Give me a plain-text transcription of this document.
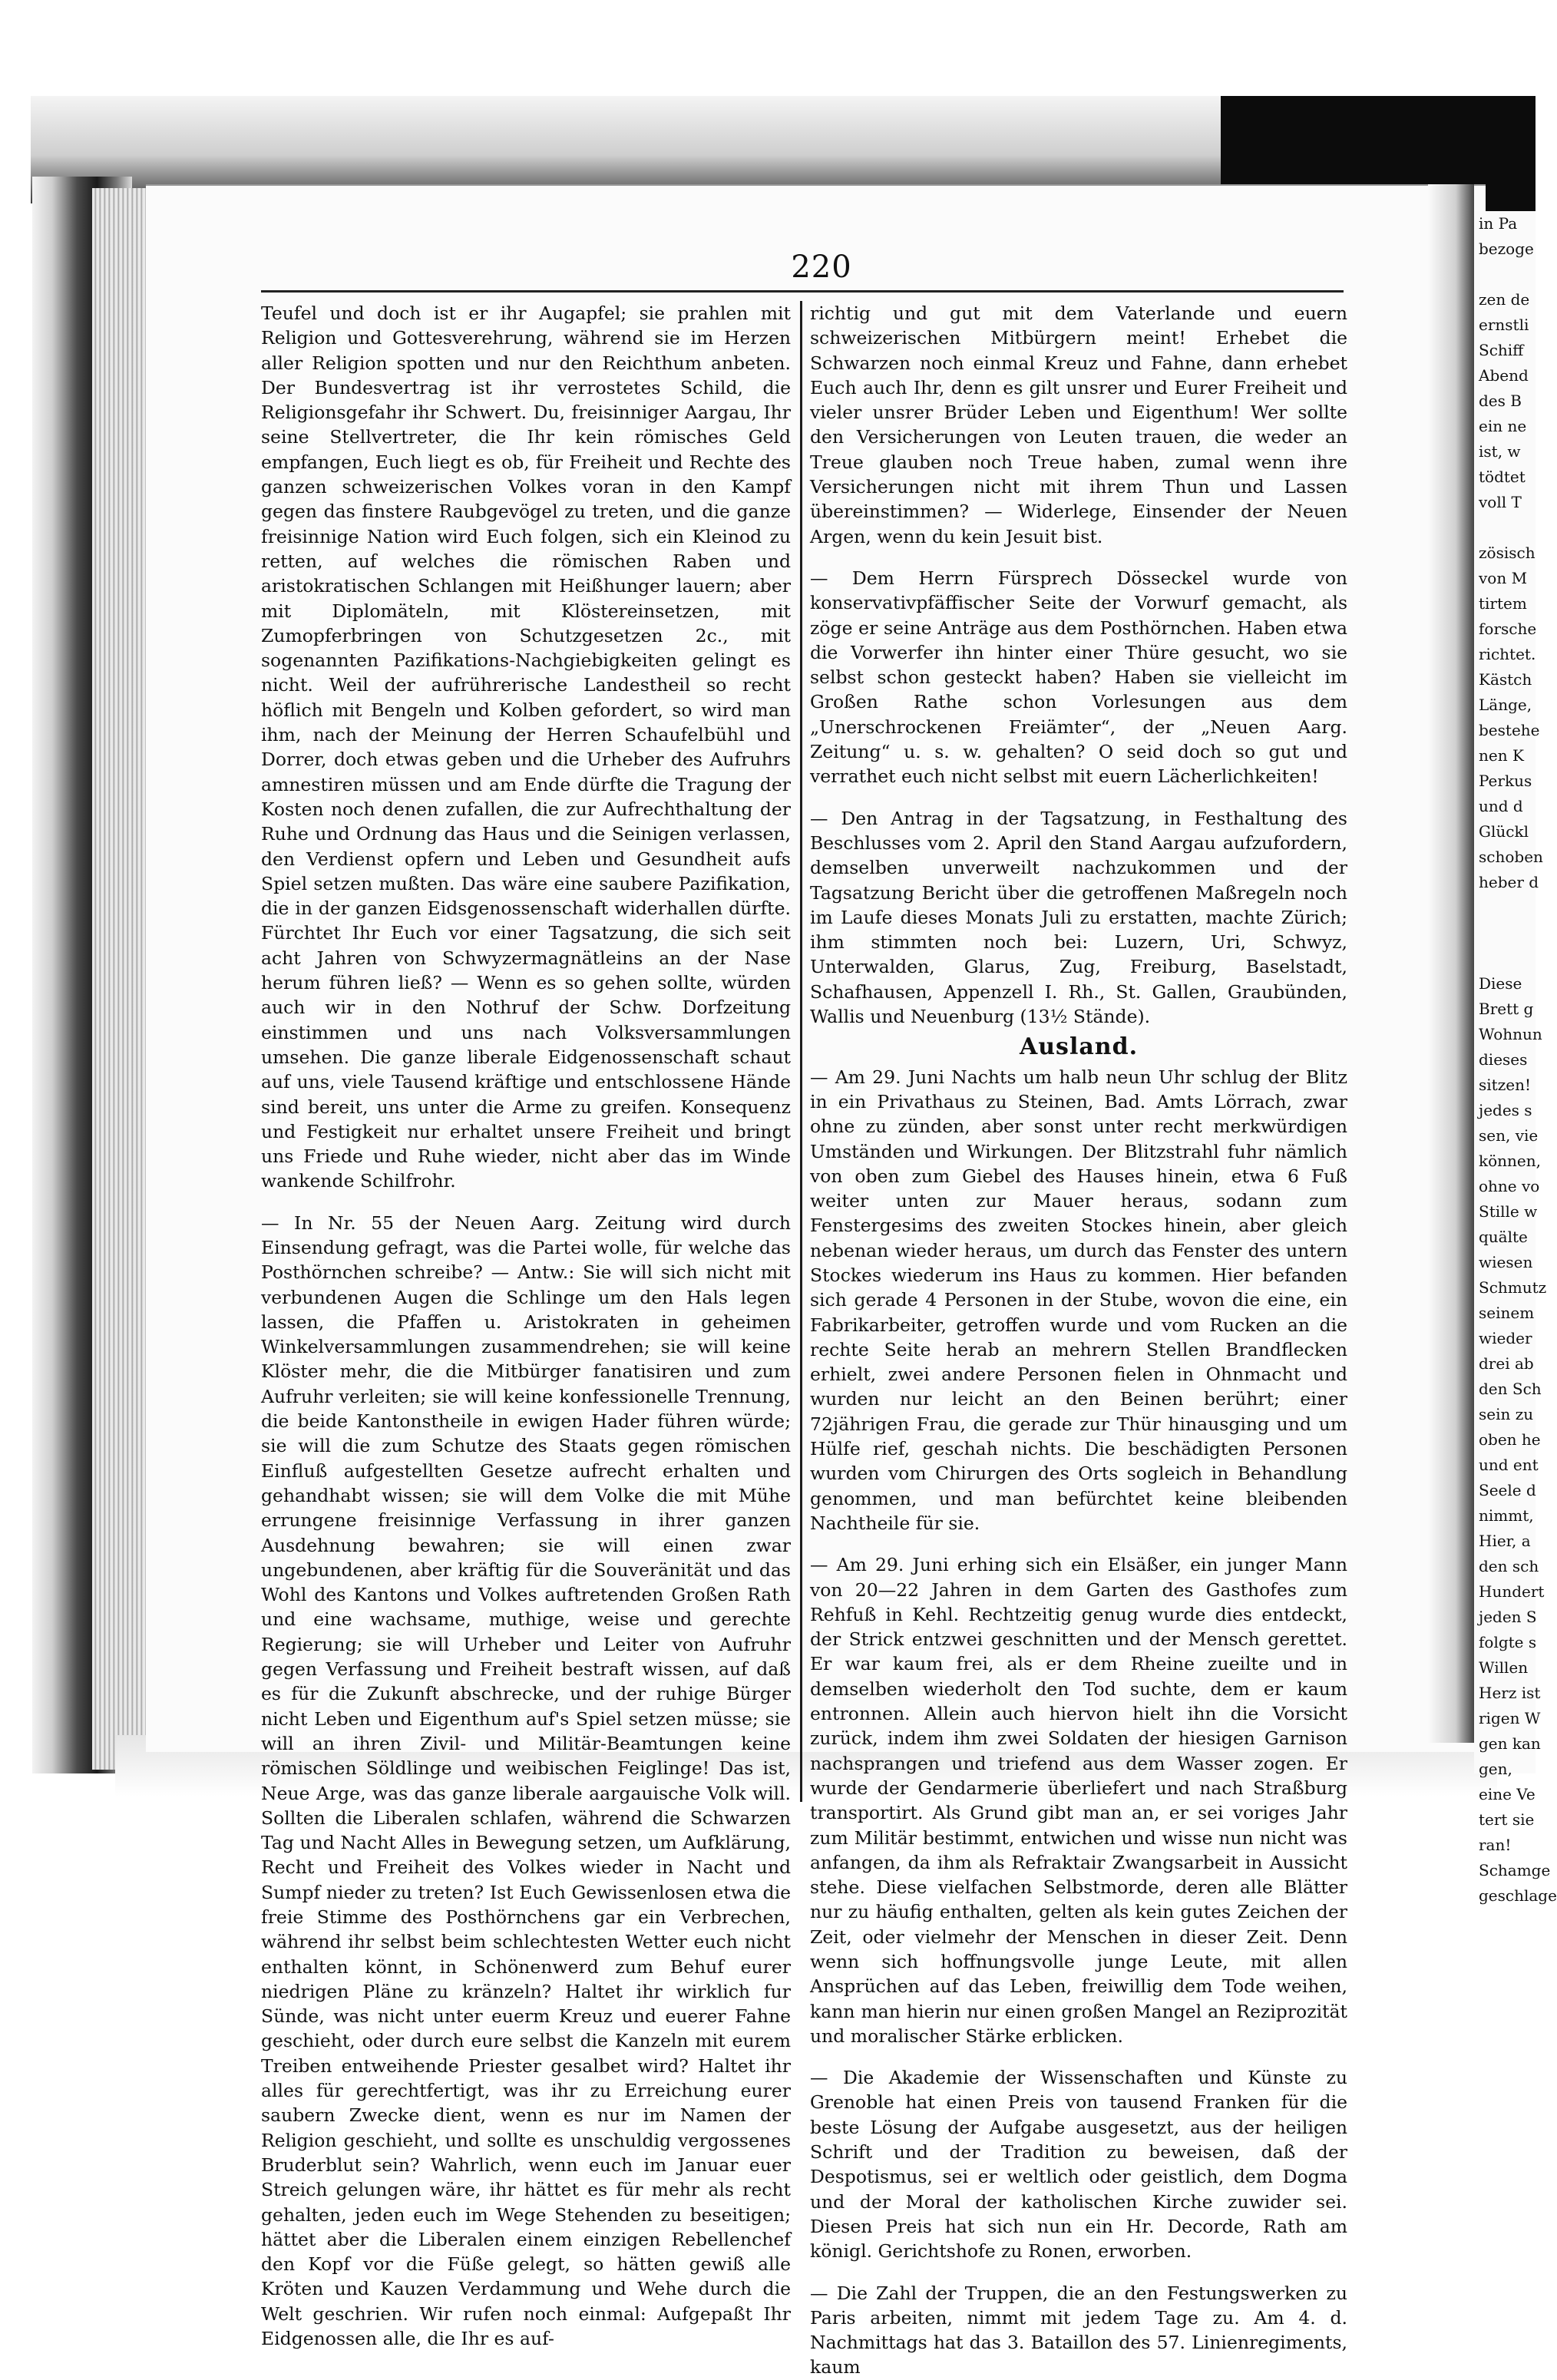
in Pa
bezoge

zen de
ernstli
Schiff
Abend
des B
ein ne
ist, w
tödtet
voll T

zösisch
von M
tirtem
forsche
richtet.
Kästch
Länge,
bestehe
nen K
Perkus
und d
Glückl
schoben
heber d

Diese
Brett g
Wohnun
dieses
sitzen!
jedes s
sen, vie
können,
ohne vo
Stille w
quälte
wiesen
Schmutz
seinem
wieder
drei ab
den Sch
sein zu
oben he
und ent
Seele d
nimmt,
Hier, a
den sch
Hundert
jeden S
folgte s
Willen
Herz ist
rigen W
gen kan
gen,
eine Ve
tert sie
ran!
Schamge
geschlage
220

Teufel und doch ist er ihr Augapfel; sie prahlen mit Religion und Gottesverehrung, während sie im Herzen aller Religion spotten und nur den Reichthum anbeten. Der Bundesvertrag ist ihr verrostetes Schild, die Religionsgefahr ihr Schwert. Du, freisinniger Aargau, Ihr seine Stellvertreter, die Ihr kein römisches Geld empfangen, Euch liegt es ob, für Freiheit und Rechte des ganzen schweizerischen Volkes voran in den Kampf gegen das finstere Raubgevögel zu treten, und die ganze freisinnige Nation wird Euch folgen, sich ein Kleinod zu retten, auf welches die römischen Raben und aristokratischen Schlangen mit Heißhunger lauern; aber mit Diplomäteln, mit Klöstereinsetzen, mit Zumopferbringen von Schutzgesetzen 2c., mit sogenannten Pazifikations-Nachgiebigkeiten gelingt es nicht. Weil der aufrührerische Landestheil so recht höflich mit Bengeln und Kolben gefordert, so wird man ihm, nach der Meinung der Herren Schaufelbühl und Dorrer, doch etwas geben und die Urheber des Aufruhrs amnestiren müssen und am Ende dürfte die Tragung der Kosten noch denen zufallen, die zur Aufrechthaltung der Ruhe und Ordnung das Haus und die Seinigen verlassen, den Verdienst opfern und Leben und Gesundheit aufs Spiel setzen mußten. Das wäre eine saubere Pazifikation, die in der ganzen Eidsgenossenschaft widerhallen dürfte. Fürchtet Ihr Euch vor einer Tagsatzung, die sich seit acht Jahren von Schwyzermagnätleins an der Nase herum führen ließ? — Wenn es so gehen sollte, würden auch wir in den Nothruf der Schw. Dorfzeitung einstimmen und uns nach Volksversammlungen umsehen. Die ganze liberale Eidgenossenschaft schaut auf uns, viele Tausend kräftige und entschlossene Hände sind bereit, uns unter die Arme zu greifen. Konsequenz und Festigkeit nur erhaltet unsere Freiheit und bringt uns Friede und Ruhe wieder, nicht aber das im Winde wankende Schilfrohr.

— In Nr. 55 der Neuen Aarg. Zeitung wird durch Einsendung gefragt, was die Partei wolle, für welche das Posthörnchen schreibe? — Antw.: Sie will sich nicht mit verbundenen Augen die Schlinge um den Hals legen lassen, die Pfaffen u. Aristokraten in geheimen Winkelversammlungen zusammendrehen; sie will keine Klöster mehr, die die Mitbürger fanatisiren und zum Aufruhr verleiten; sie will keine konfessionelle Trennung, die beide Kantonstheile in ewigen Hader führen würde; sie will die zum Schutze des Staats gegen römischen Einfluß aufgestellten Gesetze aufrecht erhalten und gehandhabt wissen; sie will dem Volke die mit Mühe errungene freisinnige Verfassung in ihrer ganzen Ausdehnung bewahren; sie will einen zwar ungebundenen, aber kräftig für die Souveränität und das Wohl des Kantons und Volkes auftretenden Großen Rath und eine wachsame, muthige, weise und gerechte Regierung; sie will Urheber und Leiter von Aufruhr gegen Verfassung und Freiheit bestraft wissen, auf daß es für die Zukunft abschrecke, und der ruhige Bürger nicht Leben und Eigenthum auf's Spiel setzen müsse; sie will an ihren Zivil- und Militär-Beamtungen keine römischen Söldlinge und weibischen Feiglinge! Das ist, Neue Arge, was das ganze liberale aargauische Volk will. Sollten die Liberalen schlafen, während die Schwarzen Tag und Nacht Alles in Bewegung setzen, um Aufklärung, Recht und Freiheit des Volkes wieder in Nacht und Sumpf nieder zu treten? Ist Euch Gewissenlosen etwa die freie Stimme des Posthörnchens gar ein Verbrechen, während ihr selbst beim schlechtesten Wetter euch nicht enthalten könnt, in Schönenwerd zum Behuf eurer niedrigen Pläne zu kränzeln? Haltet ihr wirklich fur Sünde, was nicht unter euerm Kreuz und euerer Fahne geschieht, oder durch eure selbst die Kanzeln mit eurem Treiben entweihende Priester gesalbet wird? Haltet ihr alles für gerechtfertigt, was ihr zu Erreichung eurer saubern Zwecke dient, wenn es nur im Namen der Religion geschieht, und sollte es unschuldig vergossenes Bruderblut sein? Wahrlich, wenn euch im Januar euer Streich gelungen wäre, ihr hättet es für mehr als recht gehalten, jeden euch im Wege Stehenden zu beseitigen; hättet aber die Liberalen einem einzigen Rebellenchef den Kopf vor die Füße gelegt, so hätten gewiß alle Kröten und Kauzen Verdammung und Wehe durch die Welt geschrien. Wir rufen noch einmal: Aufgepaßt Ihr Eidgenossen alle, die Ihr es auf-

richtig und gut mit dem Vaterlande und euern schweizerischen Mitbürgern meint! Erhebet die Schwarzen noch einmal Kreuz und Fahne, dann erhebet Euch auch Ihr, denn es gilt unsrer und Eurer Freiheit und vieler unsrer Brüder Leben und Eigenthum! Wer sollte den Versicherungen von Leuten trauen, die weder an Treue glauben noch Treue haben, zumal wenn ihre Versicherungen nicht mit ihrem Thun und Lassen übereinstimmen? — Widerlege, Einsender der Neuen Argen, wenn du kein Jesuit bist.

— Dem Herrn Fürsprech Dösseckel wurde von konservativpfäffischer Seite der Vorwurf gemacht, als zöge er seine Anträge aus dem Posthörnchen. Haben etwa die Vorwerfer ihn hinter einer Thüre gesucht, wo sie selbst schon gesteckt haben? Haben sie vielleicht im Großen Rathe schon Vorlesungen aus dem „Unerschrockenen Freiämter“, der „Neuen Aarg. Zeitung“ u. s. w. gehalten? O seid doch so gut und verrathet euch nicht selbst mit euern Lächerlichkeiten!

— Den Antrag in der Tagsatzung, in Festhaltung des Beschlusses vom 2. April den Stand Aargau aufzufordern, demselben unverweilt nachzukommen und der Tagsatzung Bericht über die getroffenen Maßregeln noch im Laufe dieses Monats Juli zu erstatten, machte Zürich; ihm stimmten noch bei: Luzern, Uri, Schwyz, Unterwalden, Glarus, Zug, Freiburg, Baselstadt, Schafhausen, Appenzell I. Rh., St. Gallen, Graubünden, Wallis und Neuenburg (13½ Stände).

Ausland.

— Am 29. Juni Nachts um halb neun Uhr schlug der Blitz in ein Privathaus zu Steinen, Bad. Amts Lörrach, zwar ohne zu zünden, aber sonst unter recht merkwürdigen Umständen und Wirkungen. Der Blitzstrahl fuhr nämlich von oben zum Giebel des Hauses hinein, etwa 6 Fuß weiter unten zur Mauer heraus, sodann zum Fenstergesims des zweiten Stockes hinein, aber gleich nebenan wieder heraus, um durch das Fenster des untern Stockes wiederum ins Haus zu kommen. Hier befanden sich gerade 4 Personen in der Stube, wovon die eine, ein Fabrikarbeiter, getroffen wurde und vom Rucken an die rechte Seite herab an mehrern Stellen Brandflecken erhielt, zwei andere Personen fielen in Ohnmacht und wurden nur leicht an den Beinen berührt; einer 72jährigen Frau, die gerade zur Thür hinausging und um Hülfe rief, geschah nichts. Die beschädigten Personen wurden vom Chirurgen des Orts sogleich in Behandlung genommen, und man befürchtet keine bleibenden Nachtheile für sie.

— Am 29. Juni erhing sich ein Elsäßer, ein junger Mann von 20—22 Jahren in dem Garten des Gasthofes zum Rehfuß in Kehl. Rechtzeitig genug wurde dies entdeckt, der Strick entzwei geschnitten und der Mensch gerettet. Er war kaum frei, als er dem Rheine zueilte und in demselben wiederholt den Tod suchte, dem er kaum entronnen. Allein auch hiervon hielt ihn die Vorsicht zurück, indem ihm zwei Soldaten der hiesigen Garnison nachsprangen und triefend aus dem Wasser zogen. Er wurde der Gendarmerie überliefert und nach Straßburg transportirt. Als Grund gibt man an, er sei voriges Jahr zum Militär bestimmt, entwichen und wisse nun nicht was anfangen, da ihm als Refraktair Zwangsarbeit in Aussicht stehe. Diese vielfachen Selbstmorde, deren alle Blätter nur zu häufig enthalten, gelten als kein gutes Zeichen der Zeit, oder vielmehr der Menschen in dieser Zeit. Denn wenn sich hoffnungsvolle junge Leute, mit allen Ansprüchen auf das Leben, freiwillig dem Tode weihen, kann man hierin nur einen großen Mangel an Reziprozität und moralischer Stärke erblicken.

— Die Akademie der Wissenschaften und Künste zu Grenoble hat einen Preis von tausend Franken für die beste Lösung der Aufgabe ausgesetzt, aus der heiligen Schrift und der Tradition zu beweisen, daß der Despotismus, sei er weltlich oder geistlich, dem Dogma und der Moral der katholischen Kirche zuwider sei. Diesen Preis hat sich nun ein Hr. Decorde, Rath am königl. Gerichtshofe zu Ronen, erworben.

— Die Zahl der Truppen, die an den Festungswerken zu Paris arbeiten, nimmt mit jedem Tage zu. Am 4. d. Nachmittags hat das 3. Bataillon des 57. Linienregiments, kaum
